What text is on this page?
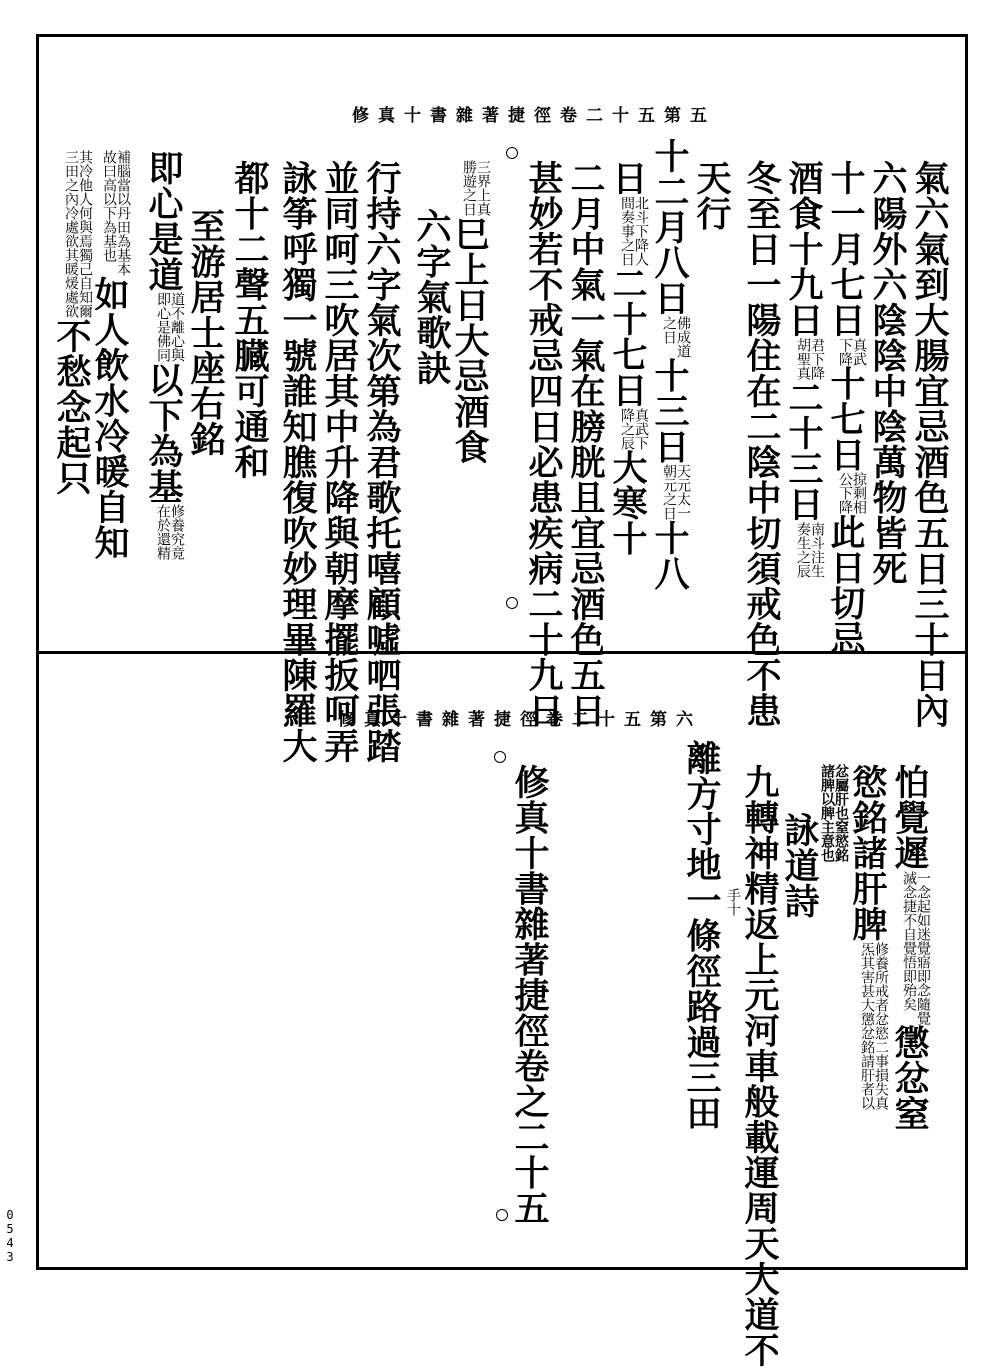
修真十書雜著捷徑卷二十五第五
氣六氣到大腸宜忌酒色五日三十日內
六陽外六陰陰中陰萬物皆死
十一月七日真武
下降十七日掠剩相
公下降此日切忌
酒食十九日君下降
胡聖真二十三日南斗注生
奏生之辰
冬至日一陽住在二陰中切須戒色不患
天行
十二月八日佛成道
之日十三日天元太一
朝元之日十八
日北斗下降人
間奏事之日二十七日真武下
降之辰大寒十
二月中氣一氣在膀胱且宜忌酒色五日
甚妙若不戒忌四日必患疾病二十九日
三界上真
勝遊之日巳上日大忌酒食
六字氣歌訣
行持六字氣次第為君歌托嘻顧噓呬張踏
並同呵三吹居其中升降與朝摩擺扳呵弄
詠筝呼獨一號誰知膲復吹妙理畢陳羅大
都十二聲五臓可通和
至游居士座右銘
即心是道道不離心與
即心是佛同以下為基修養究竟
在於還精
補腦當以丹田為基本
故曰高以下為基也如人飲水冷暖自知
其冷他人何與焉獨己自知爾
三田之內冷處欲其暖煖處欲不愁念起只
修真十書雜著捷徑卷二十五第六
怕覺遲一念起如迷覺寤即念隨覺
滅念捷不自覺悟即殆矣懲忿窒
慾銘諸肝脾修養所戒者忿慾二事損失真
炁其害甚大懲忿銘請肝者以
忿屬肝也窒慾銘
諸脾以脾主意也
詠道詩
九轉神精返上元河車般載運周天大道不
手十
離方寸地一條徑路過三田
修真十書雜著捷徑卷之二十五
0
5
4
3
